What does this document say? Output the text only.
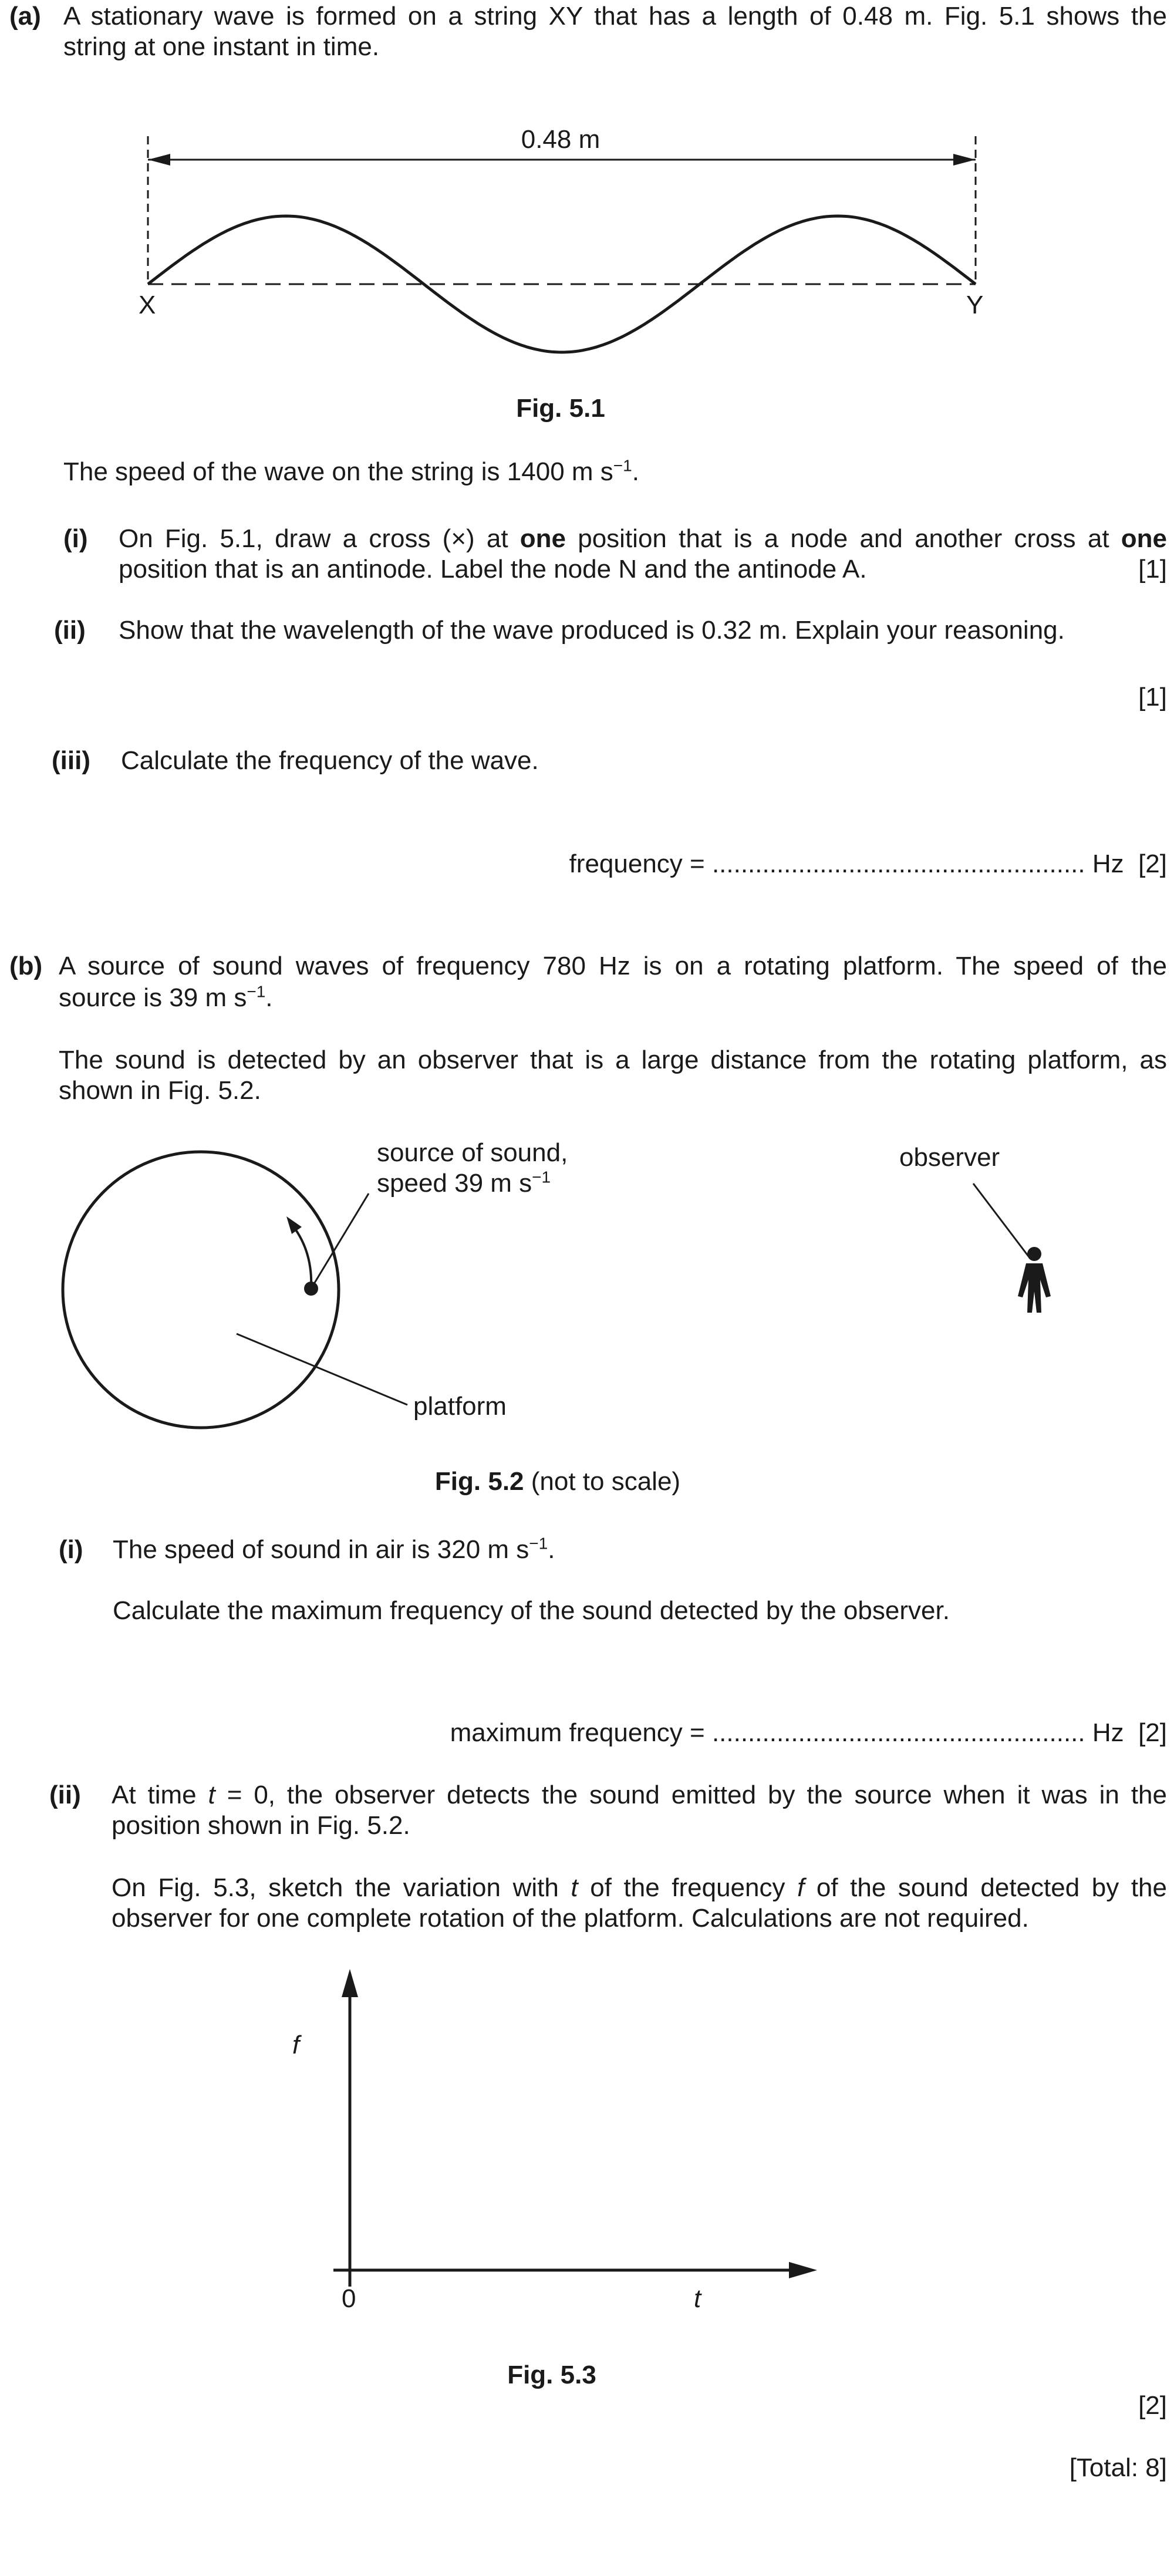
(a) A stationary wave is formed on a string XY that has a length of 0.48 m. Fig. 5.1 shows the
string at one instant in time.
0.48 m
X	Y
Fig. 5.1
The speed of the wave on the string is 1400 m $s^{-1}$.
(i) On Fig. 5.1, draw a cross (×) at one position that is a node and another cross at one
position that is an antinode. Label the node N and the antinode A.	[1]
(ii) Show that the wavelength of the wave produced is 0.32 m. Explain your reasoning.
[1]
(iii) Calculate the frequency of the wave.
frequency = .................................................... Hz [2]
(b) A source of sound waves of frequency 780 Hz is on a rotating platform. The speed of the
source is 39 m $s^{-1}$.
The sound is detected by an observer that is a large distance from the rotating platform, as
shown in Fig. 5.2.
source of sound,
speed 39 m $s^{-1}$
observer
platform
Fig. 5.2 (not to scale)
(i) The speed of sound in air is 320 m $s^{-1}$.
Calculate the maximum frequency of the sound detected by the observer.
maximum frequency = .................................................... Hz [2]
(ii) At time t = 0, the observer detects the sound emitted by the source when it was in the
position shown in Fig. 5.2.
On Fig. 5.3, sketch the variation with t of the frequency f of the sound detected by the
observer for one complete rotation of the platform. Calculations are not required.
f
0	t
Fig. 5.3
[2]
[Total: 8]
